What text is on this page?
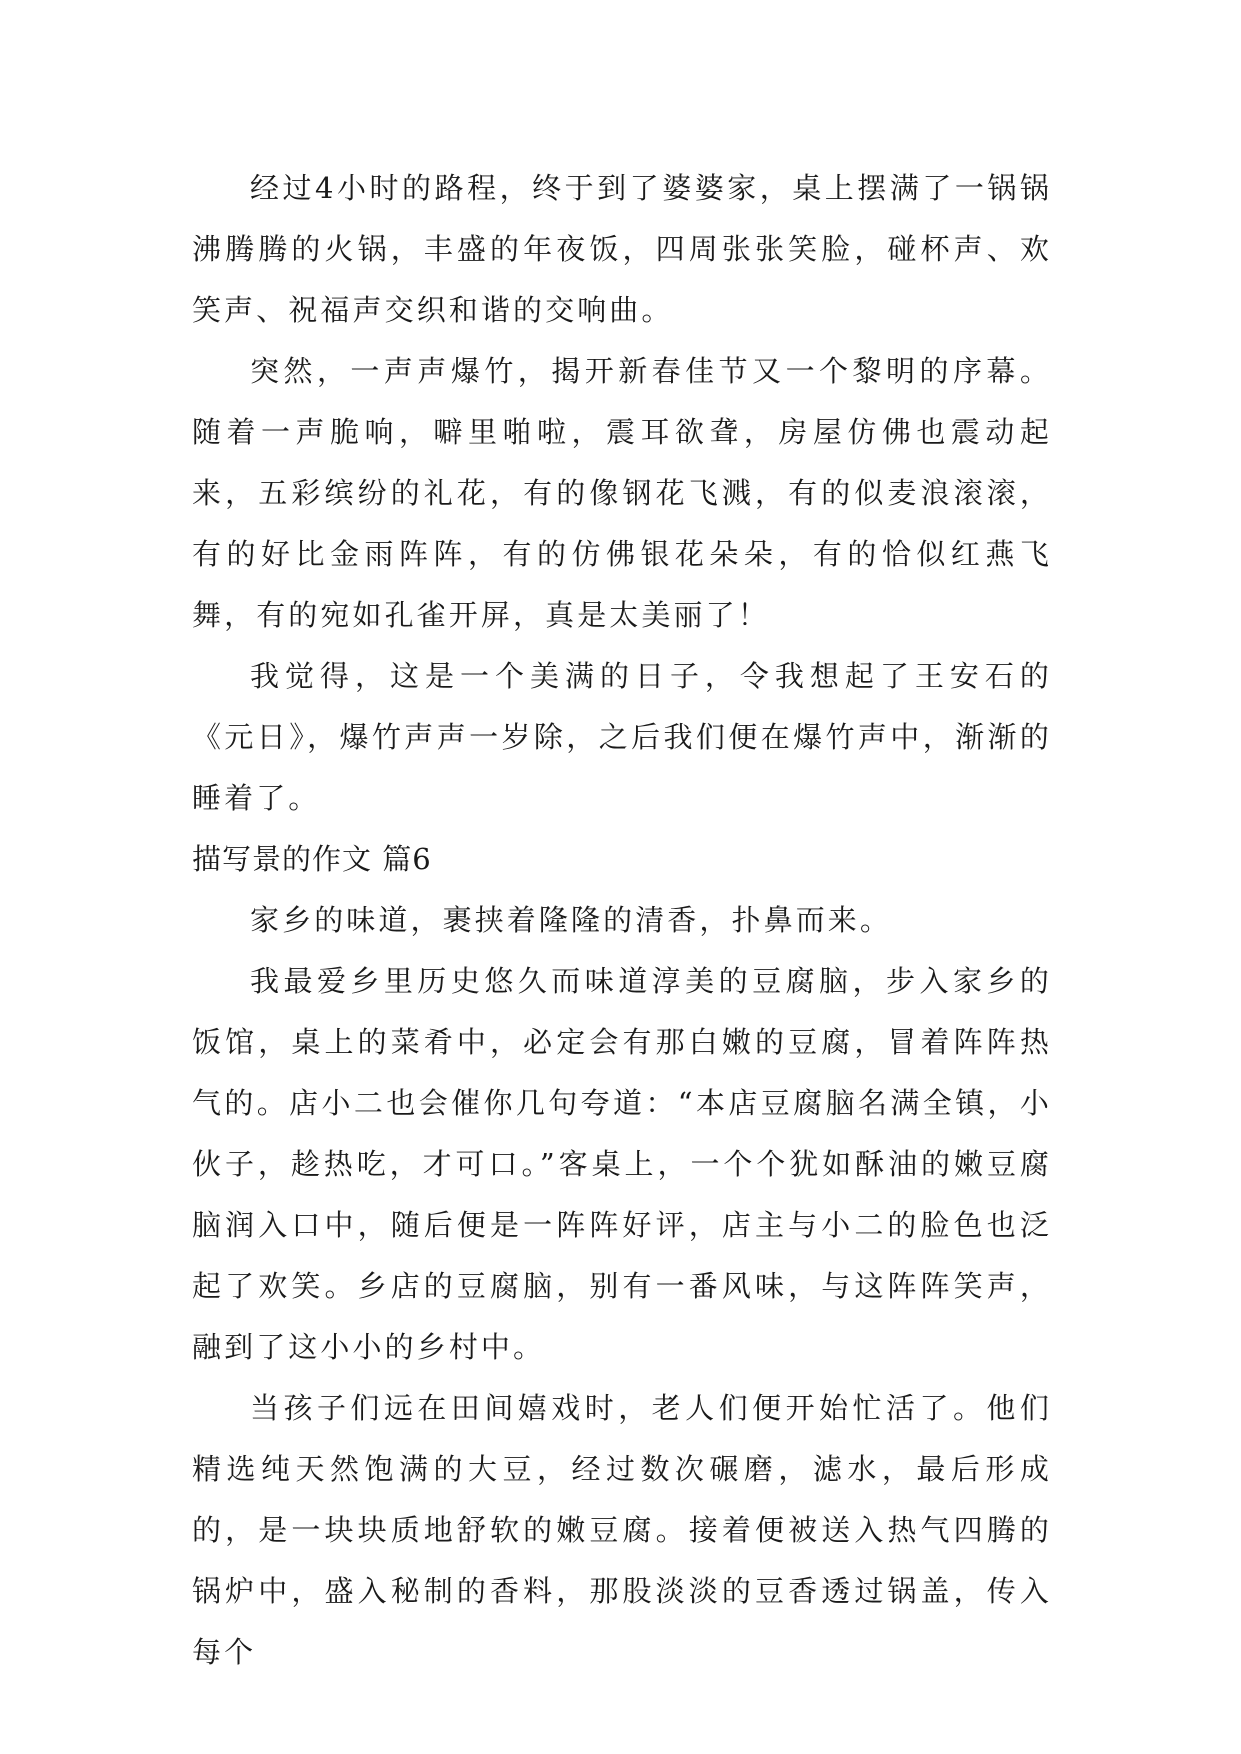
经过4小时的路程，终于到了婆婆家，桌上摆满了一锅锅沸腾腾的火锅，丰盛的年夜饭，四周张张笑脸，碰杯声、欢笑声、祝福声交织和谐的交响曲。

突然，一声声爆竹，揭开新春佳节又一个黎明的序幕。随着一声脆响，噼里啪啦，震耳欲聋，房屋仿佛也震动起来，五彩缤纷的礼花，有的像钢花飞溅，有的似麦浪滚滚，有的好比金雨阵阵，有的仿佛银花朵朵，有的恰似红燕飞舞，有的宛如孔雀开屏，真是太美丽了！

我觉得，这是一个美满的日子，令我想起了王安石的《元日》，爆竹声声一岁除，之后我们便在爆竹声中，渐渐的睡着了。

描写景的作文 篇6

家乡的味道，裹挟着隆隆的清香，扑鼻而来。

我最爱乡里历史悠久而味道淳美的豆腐脑，步入家乡的饭馆，桌上的菜肴中，必定会有那白嫩的豆腐，冒着阵阵热气的。店小二也会催你几句夸道：“本店豆腐脑名满全镇，小伙子，趁热吃，才可口。”客桌上，一个个犹如酥油的嫩豆腐脑润入口中，随后便是一阵阵好评，店主与小二的脸色也泛起了欢笑。乡店的豆腐脑，别有一番风味，与这阵阵笑声，融到了这小小的乡村中。

当孩子们远在田间嬉戏时，老人们便开始忙活了。他们精选纯天然饱满的大豆，经过数次碾磨，滤水，最后形成的，是一块块质地舒软的嫩豆腐。接着便被送入热气四腾的锅炉中，盛入秘制的香料，那股淡淡的豆香透过锅盖，传入每个
